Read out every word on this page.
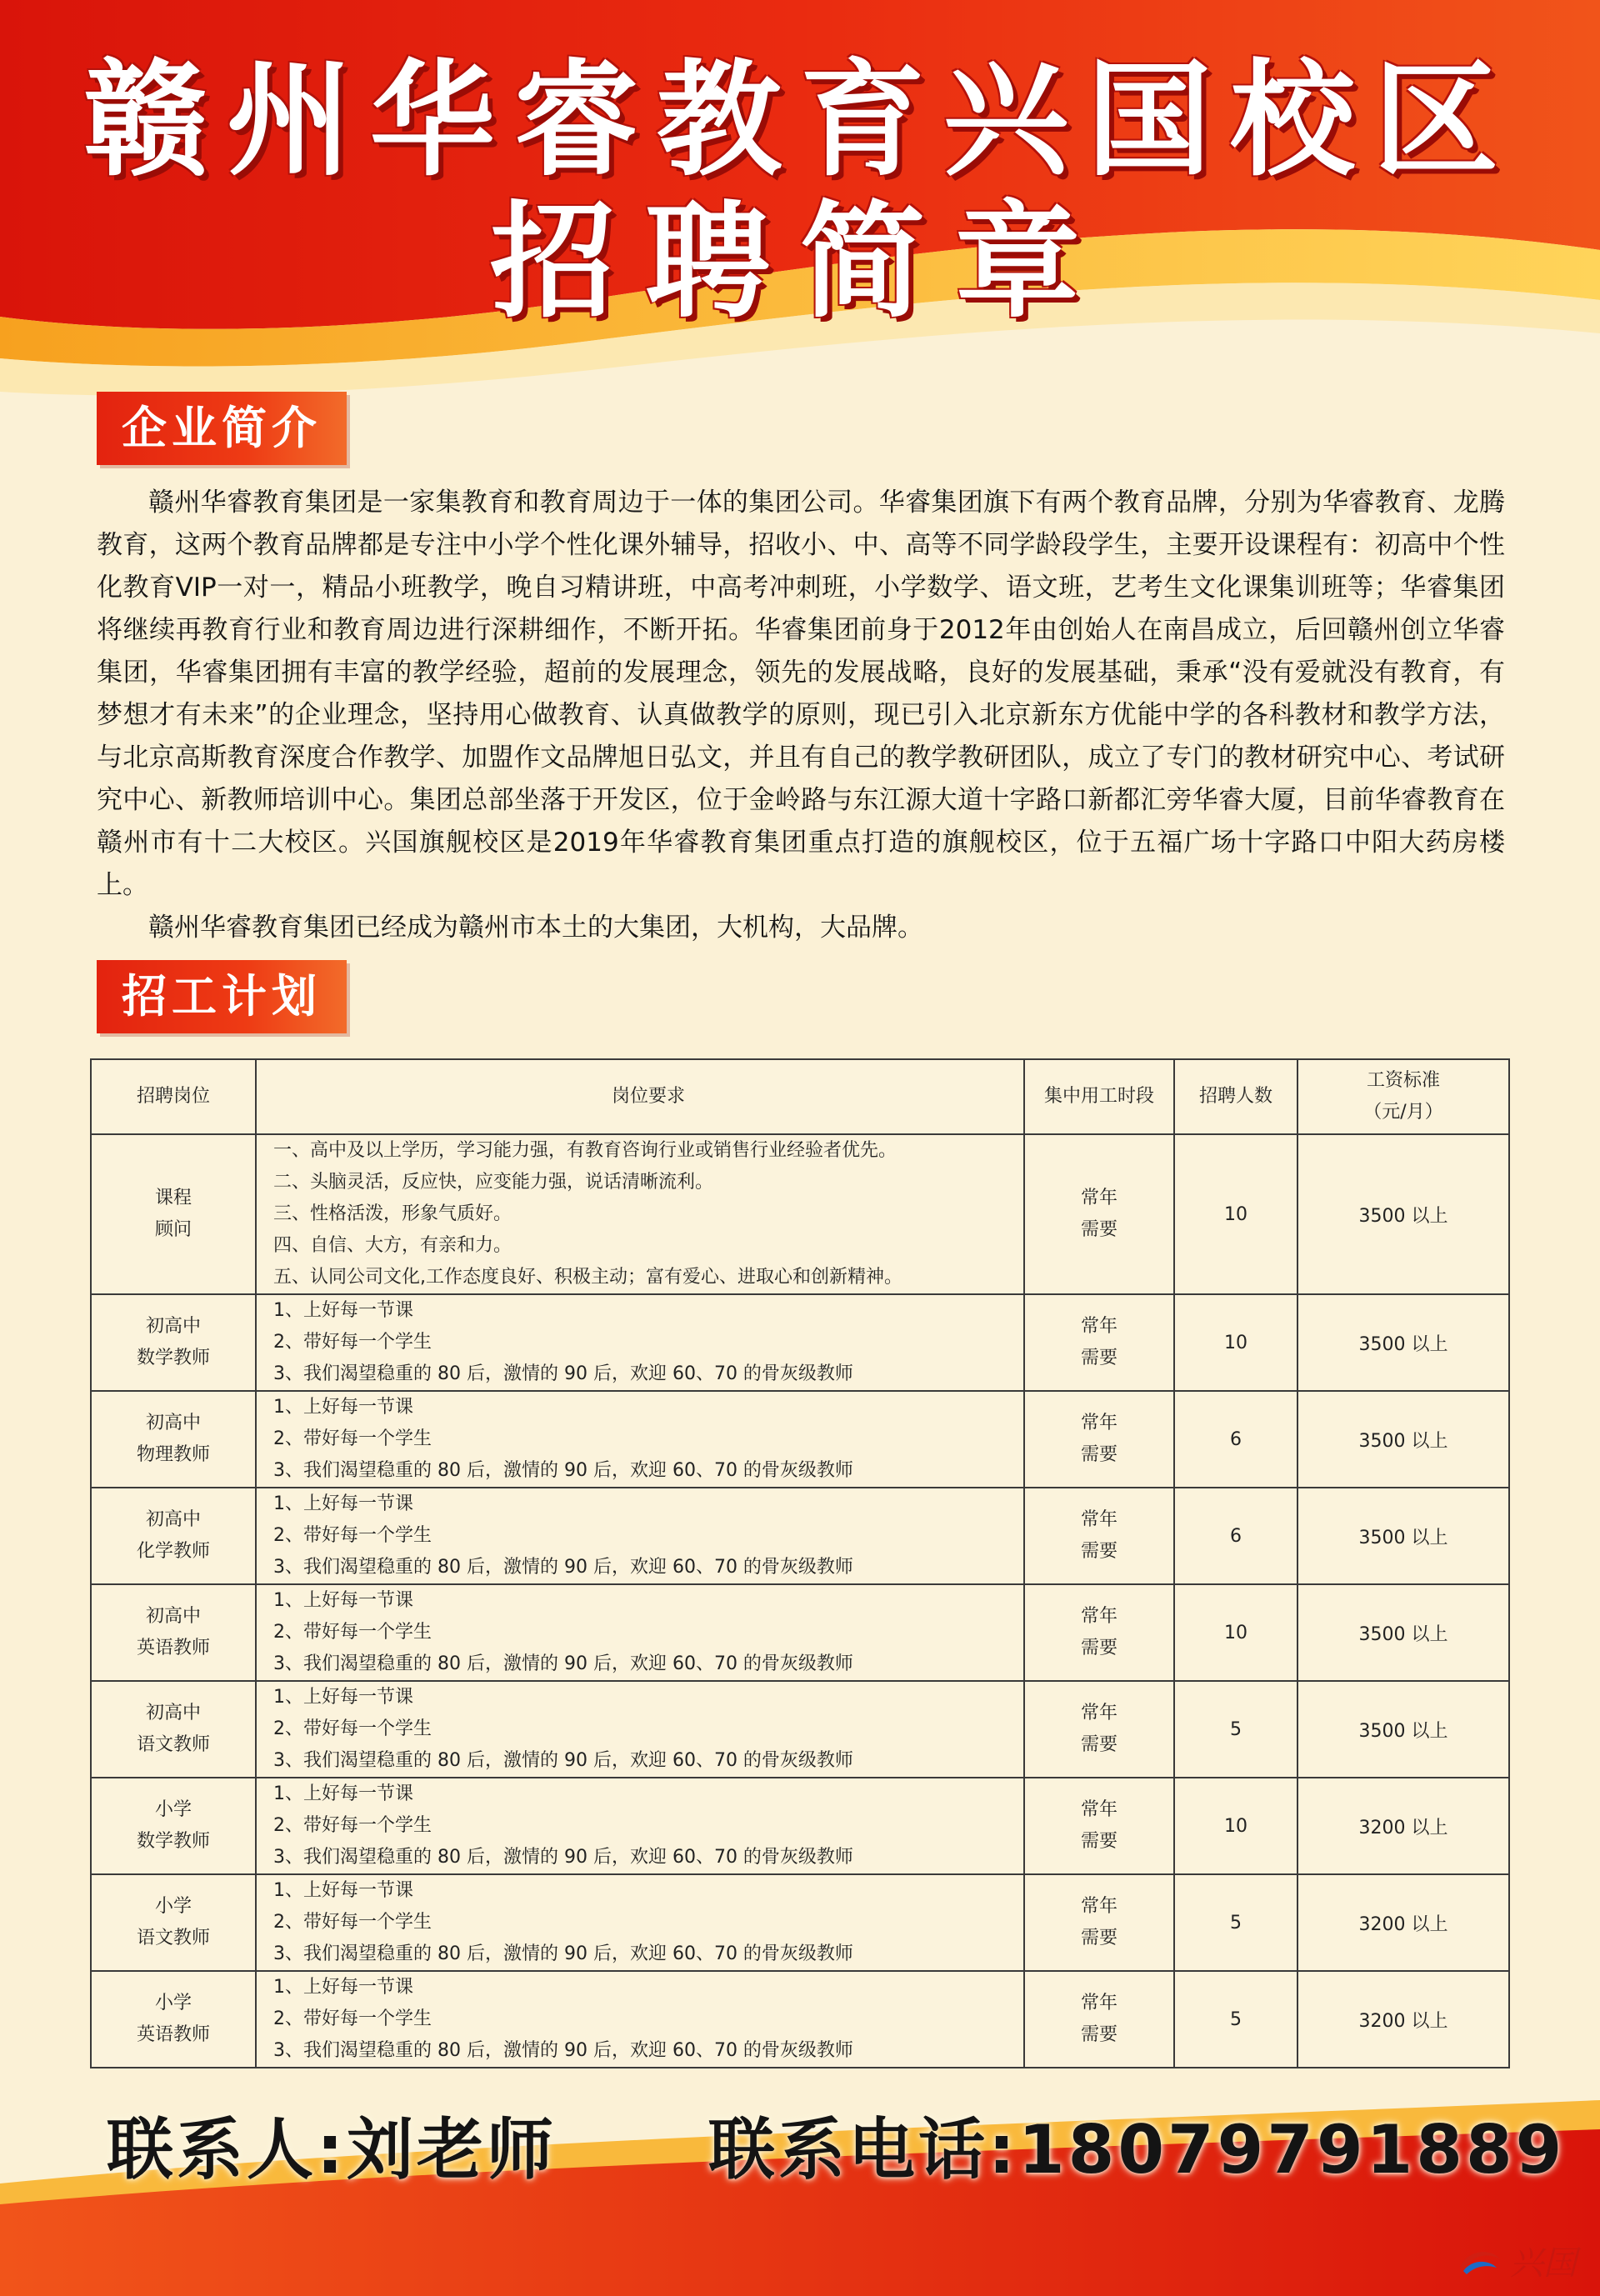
赣州华睿教育兴国校区
招聘简章
企业简介

赣州华睿教育集团是一家集教育和教育周边于一体的集团公司。华睿集团旗下有两个教育品牌，分别为华睿教育、龙腾教育，这两个教育品牌都是专注中小学个性化课外辅导，招收小、中、高等不同学龄段学生，主要开设课程有：初高中个性化教育VIP一对一，精品小班教学，晚自习精讲班，中高考冲刺班，小学数学、语文班，艺考生文化课集训班等；华睿集团将继续再教育行业和教育周边进行深耕细作，不断开拓。华睿集团前身于2012年由创始人在南昌成立，后回赣州创立华睿集团，华睿集团拥有丰富的教学经验，超前的发展理念，领先的发展战略，良好的发展基础，秉承“没有爱就没有教育，有梦想才有未来”的企业理念，坚持用心做教育、认真做教学的原则，现已引入北京新东方优能中学的各科教材和教学方法，与北京高斯教育深度合作教学、加盟作文品牌旭日弘文，并且有自己的教学教研团队，成立了专门的教材研究中心、考试研究中心、新教师培训中心。集团总部坐落于开发区，位于金岭路与东江源大道十字路口新都汇旁华睿大厦，目前华睿教育在赣州市有十二大校区。兴国旗舰校区是2019年华睿教育集团重点打造的旗舰校区，位于五福广场十字路口中阳大药房楼上。

赣州华睿教育集团已经成为赣州市本土的大集团，大机构，大品牌。

招工计划
招聘岗位	岗位要求	集中用工时段	招聘人数	工资标准
（元/月）

课程
顾问	一、高中及以上学历，学习能力强，有教育咨询行业或销售行业经验者优先。
二、头脑灵活，反应快，应变能力强，说话清晰流利。
三、性格活泼，形象气质好。
四、自信、大方，有亲和力。
五、认同公司文化,工作态度良好、积极主动；富有爱心、进取心和创新精神。	常年
需要	10	3500 以上

初高中
数学教师	1、上好每一节课
2、带好每一个学生
3、我们渴望稳重的 80 后，激情的 90 后，欢迎 60、70 的骨灰级教师	常年
需要	10	3500 以上

初高中
物理教师	1、上好每一节课
2、带好每一个学生
3、我们渴望稳重的 80 后，激情的 90 后，欢迎 60、70 的骨灰级教师	常年
需要	6	3500 以上

初高中
化学教师	1、上好每一节课
2、带好每一个学生
3、我们渴望稳重的 80 后，激情的 90 后，欢迎 60、70 的骨灰级教师	常年
需要	6	3500 以上

初高中
英语教师	1、上好每一节课
2、带好每一个学生
3、我们渴望稳重的 80 后，激情的 90 后，欢迎 60、70 的骨灰级教师	常年
需要	10	3500 以上

初高中
语文教师	1、上好每一节课
2、带好每一个学生
3、我们渴望稳重的 80 后，激情的 90 后，欢迎 60、70 的骨灰级教师	常年
需要	5	3500 以上

小学
数学教师	1、上好每一节课
2、带好每一个学生
3、我们渴望稳重的 80 后，激情的 90 后，欢迎 60、70 的骨灰级教师	常年
需要	10	3200 以上

小学
语文教师	1、上好每一节课
2、带好每一个学生
3、我们渴望稳重的 80 后，激情的 90 后，欢迎 60、70 的骨灰级教师	常年
需要	5	3200 以上

小学
英语教师	1、上好每一节课
2、带好每一个学生
3、我们渴望稳重的 80 后，激情的 90 后，欢迎 60、70 的骨灰级教师	常年
需要	5	3200 以上
联系人:刘老师 联系电话:18079791889
兴国
